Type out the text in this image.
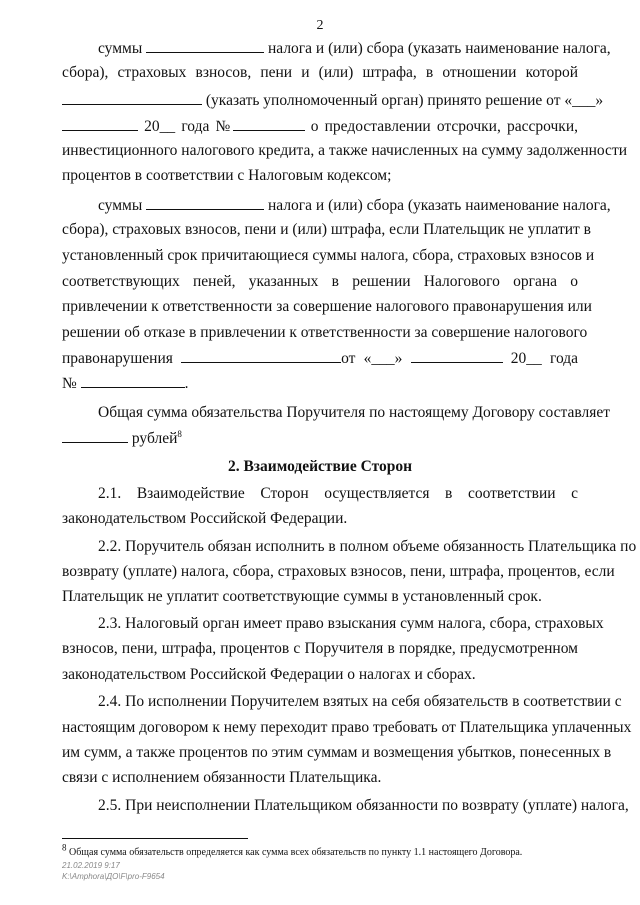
2
суммы	налога и (или) сбора (указать наименование налога,
сбора), страховых взносов, пени и (или) штрафа, в отношении которой
(указать уполномоченный орган) принято решение от «___»
20__ года №	о предоставлении отсрочки, рассрочки,
инвестиционного налогового кредита, а также начисленных на сумму задолженности
процентов в соответствии с Налоговым кодексом;
суммы	налога и (или) сбора (указать наименование налога,
сбора), страховых взносов, пени и (или) штрафа, если Плательщик не уплатит в
установленный срок причитающиеся суммы налога, сбора, страховых взносов и
соответствующих пеней, указанных в решении Налогового органа о
привлечении к ответственности за совершение налогового правонарушения или
решении об отказе в привлечении к ответственности за совершение налогового
правонарушения	от «___»	20__ года
№	.
Общая сумма обязательства Поручителя по настоящему Договору составляет
рублей$^8$
2. Взаимодействие Сторон
2.1. Взаимодействие Сторон осуществляется в соответствии с
законодательством Российской Федерации.
2.2. Поручитель обязан исполнить в полном объеме обязанность Плательщика по
возврату (уплате) налога, сбора, страховых взносов, пени, штрафа, процентов, если
Плательщик не уплатит соответствующие суммы в установленный срок.
2.3. Налоговый орган имеет право взыскания сумм налога, сбора, страховых
взносов, пени, штрафа, процентов с Поручителя в порядке, предусмотренном
законодательством Российской Федерации о налогах и сборах.
2.4. По исполнении Поручителем взятых на себя обязательств в соответствии с
настоящим договором к нему переходит право требовать от Плательщика уплаченных
им сумм, а также процентов по этим суммам и возмещения убытков, понесенных в
связи с исполнением обязанности Плательщика.
2.5. При неисполнении Плательщиком обязанности по возврату (уплате) налога,
$^8$ Общая сумма обязательств определяется как сумма всех обязательств по пункту 1.1 настоящего Договора.
21.02.2019 9:17
K:\Amphora\ДО\F\рrо-F9654
